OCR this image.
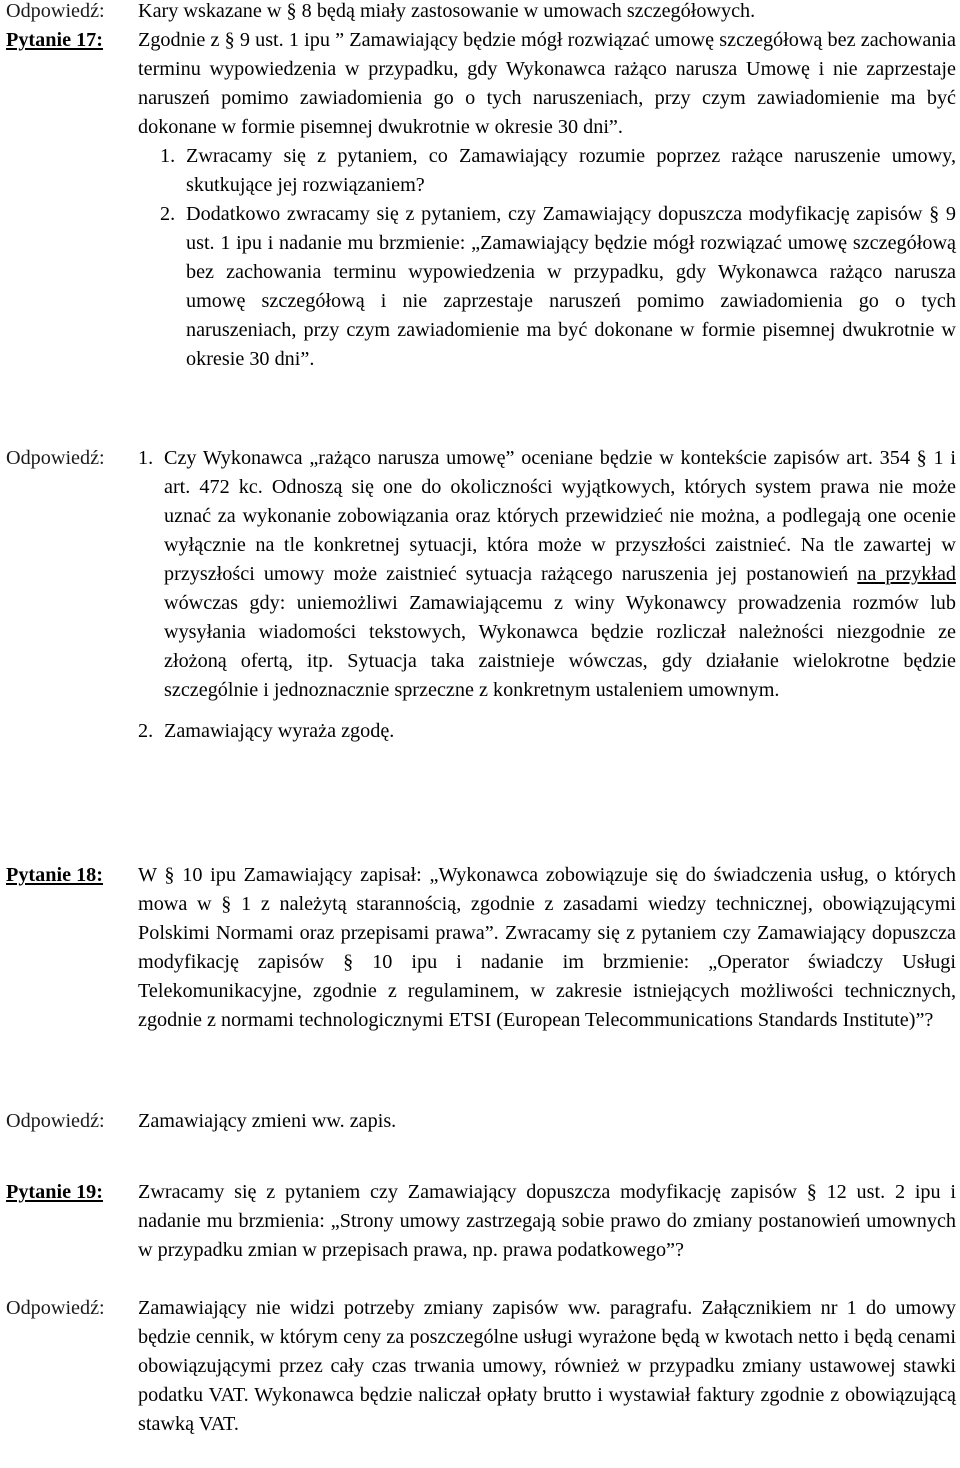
Odpowiedź:	Kary wskazane w § 8 będą miały zastosowanie w umowach szczegółowych.
Pytanie 17:	Zgodnie z § 9 ust. 1 ipu ” Zamawiający będzie mógł rozwiązać umowę szczegółową bez zachowania terminu wypowiedzenia w przypadku, gdy Wykonawca rażąco narusza Umowę i nie zaprzestaje naruszeń pomimo zawiadomienia go o tych naruszeniach, przy czym zawiadomienie ma być dokonane w formie pisemnej dwukrotnie w okresie 30 dni”.
1. Zwracamy się z pytaniem, co Zamawiający rozumie poprzez rażące naruszenie umowy, skutkujące jej rozwiązaniem?
2. Dodatkowo zwracamy się z pytaniem, czy Zamawiający dopuszcza modyfikację zapisów § 9 ust. 1 ipu i nadanie mu brzmienie: „Zamawiający będzie mógł rozwiązać umowę szczegółową bez zachowania terminu wypowiedzenia w przypadku, gdy Wykonawca rażąco narusza umowę szczegółową i nie zaprzestaje naruszeń pomimo zawiadomienia go o tych naruszeniach, przy czym zawiadomienie ma być dokonane w formie pisemnej dwukrotnie w okresie 30 dni”.
Odpowiedź:	1. Czy Wykonawca „rażąco narusza umowę” oceniane będzie w kontekście zapisów art. 354 § 1 i art. 472 kc. Odnoszą się one do okoliczności wyjątkowych, których system prawa nie może uznać za wykonanie zobowiązania oraz których przewidzieć nie można, a podlegają one ocenie wyłącznie na tle konkretnej sytuacji, która może w przyszłości zaistnieć. Na tle zawartej w przyszłości umowy może zaistnieć sytuacja rażącego naruszenia jej postanowień na przykład wówczas gdy: uniemożliwi Zamawiającemu z winy Wykonawcy prowadzenia rozmów lub wysyłania wiadomości tekstowych, Wykonawca będzie rozliczał należności niezgodnie ze złożoną ofertą, itp. Sytuacja taka zaistnieje wówczas, gdy działanie wielokrotne będzie szczególnie i jednoznacznie sprzeczne z konkretnym ustaleniem umownym.
2. Zamawiający wyraża zgodę.
Pytanie 18:	W § 10 ipu Zamawiający zapisał: „Wykonawca zobowiązuje się do świadczenia usług, o których mowa w § 1 z należytą starannością, zgodnie z zasadami wiedzy technicznej, obowiązującymi Polskimi Normami oraz przepisami prawa”. Zwracamy się z pytaniem czy Zamawiający dopuszcza modyfikację zapisów § 10 ipu i nadanie im brzmienie: „Operator świadczy Usługi Telekomunikacyjne, zgodnie z regulaminem, w zakresie istniejących możliwości technicznych, zgodnie z normami technologicznymi ETSI (European Telecommunications Standards Institute)”?
Odpowiedź:	Zamawiający zmieni ww. zapis.
Pytanie 19:	Zwracamy się z pytaniem czy Zamawiający dopuszcza modyfikację zapisów § 12 ust. 2 ipu i nadanie mu brzmienia: „Strony umowy zastrzegają sobie prawo do zmiany postanowień umownych w przypadku zmian w przepisach prawa, np. prawa podatkowego”?
Odpowiedź:	Zamawiający nie widzi potrzeby zmiany zapisów ww. paragrafu. Załącznikiem nr 1 do umowy będzie cennik, w którym ceny za poszczególne usługi wyrażone będą w kwotach netto i będą cenami obowiązującymi przez cały czas trwania umowy, również w przypadku zmiany ustawowej stawki podatku VAT. Wykonawca będzie naliczał opłaty brutto i wystawiał faktury zgodnie z obowiązującą stawką VAT.
